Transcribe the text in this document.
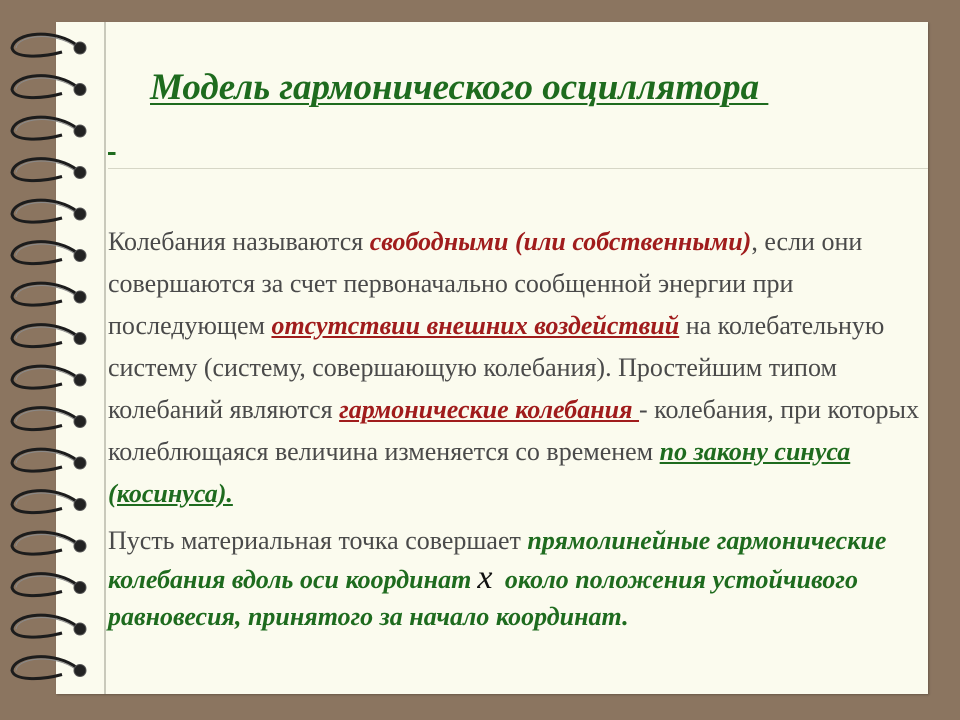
Модель гармонического осциллятора

Колебания называются свободными (или собственными), если они совершаются за счет первоначально сообщенной энергии при последующем отсутствии внешних воздействий на колебательную систему (систему, совершающую колебания). Простейшим типом колебаний являются гармонические колебания - колебания, при которых колеблющаяся величина изменяется со временем по закону синуса (косинуса).
Пусть материальная точка совершает прямолинейные гармонические колебания вдоль оси координат x около положения устойчивого равновесия, принятого за начало координат.
